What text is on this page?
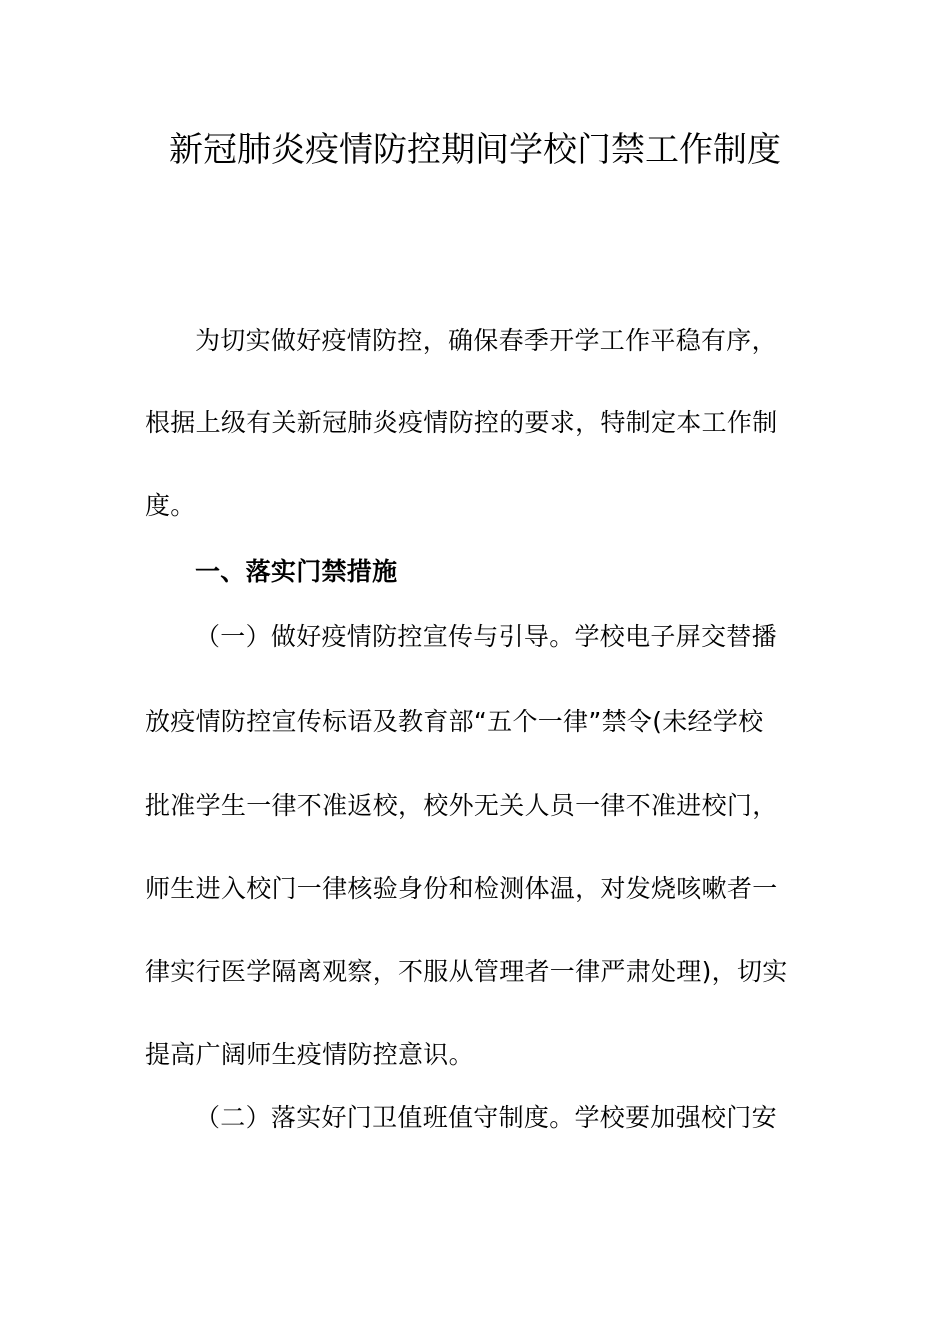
新冠肺炎疫情防控期间学校门禁工作制度
为切实做好疫情防控，确保春季开学工作平稳有序，
根据上级有关新冠肺炎疫情防控的要求，特制定本工作制
度。
一、落实门禁措施
（一）做好疫情防控宣传与引导。学校电子屏交替播
放疫情防控宣传标语及教育部“五个一律”禁令(未经学校
批准学生一律不准返校，校外无关人员一律不准进校门，
师生进入校门一律核验身份和检测体温，对发烧咳嗽者一
律实行医学隔离观察，不服从管理者一律严肃处理)，切实
提高广阔师生疫情防控意识。
（二）落实好门卫值班值守制度。学校要加强校门安
